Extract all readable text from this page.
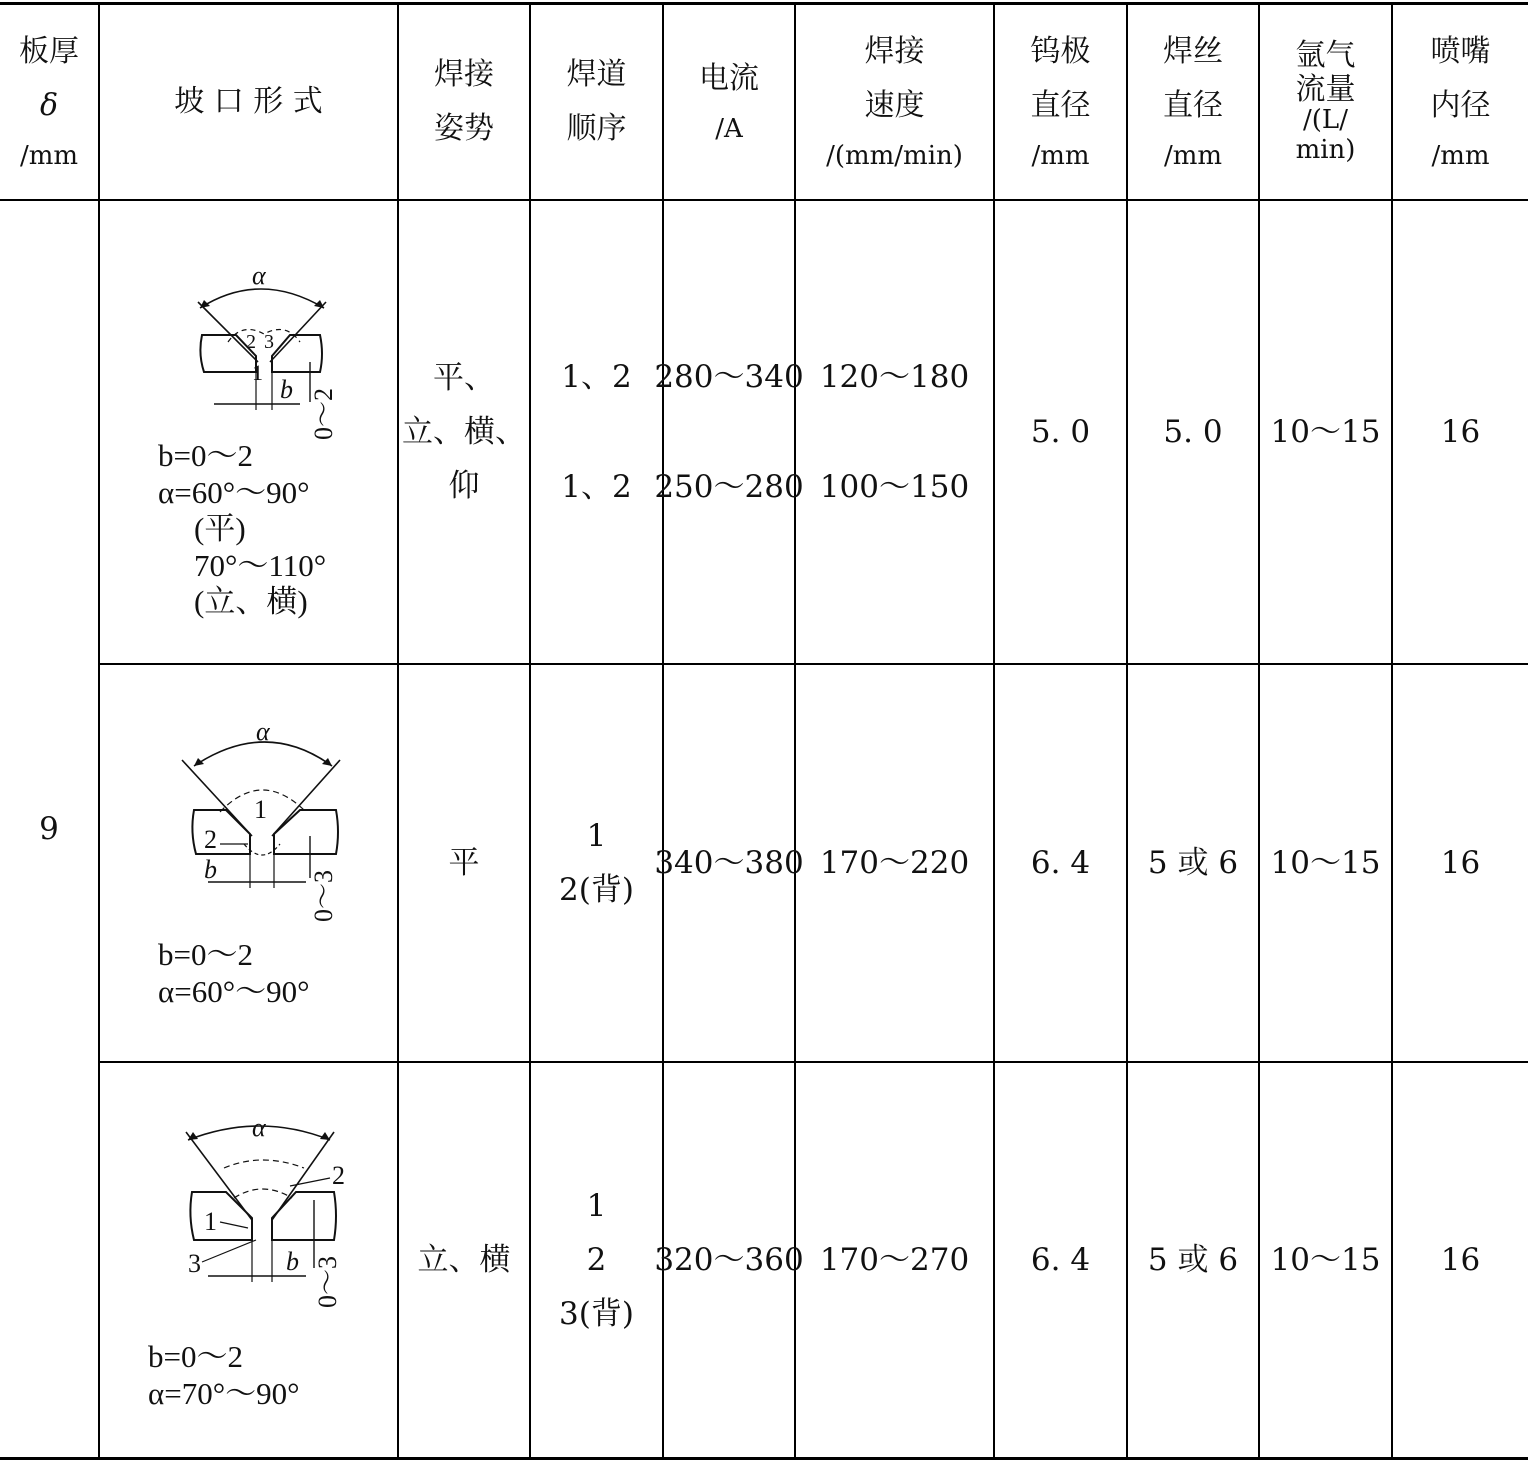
板厚
δ
/mm
坡 口 形 式
焊接
姿势
焊道
顺序
电流
/A
焊接
速度
/(mm/min)
钨极
直径
/mm
焊丝
直径
/mm
氩气
流量
/(L/
min)
喷嘴
内径
/mm
9
α
2 3
1
b 0～2
b=0～2
α=60°～90°
(平)
70°～110°
(立、横)
平、
立、横、
仰
1、2
1、2
280～340
250～280
120～180
100～150
5. 0 5. 0 10～15 16
α
1
2
b
0～3
b=0～2
α=60°～90°
平
1
2(背)
340～380 170～220 6. 4 5 或 6 10～15 16
α
2
1
3	b 0～3
b=0～2
α=70°～90°
立、横
1
2
3(背)
320～360 170～270 6. 4 5 或 6 10～15 16
